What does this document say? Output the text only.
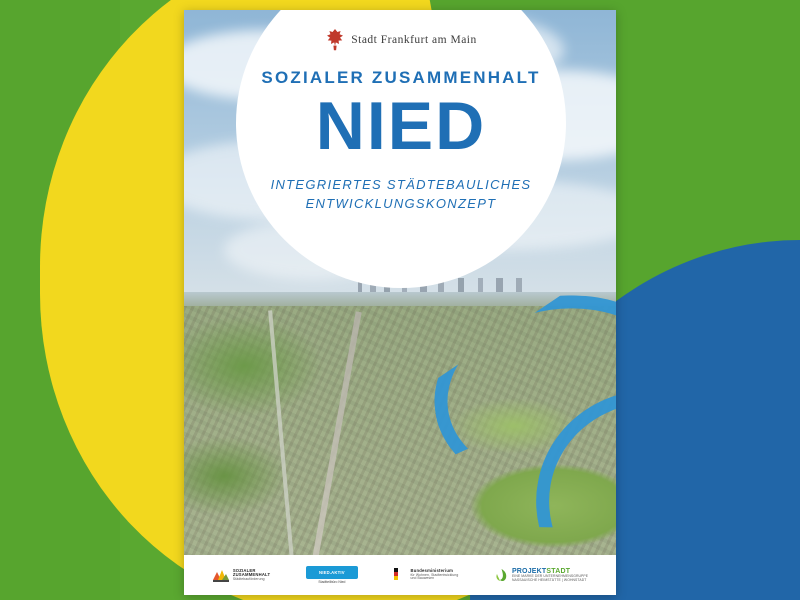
Stadt Frankfurt am Main
SOZIALER ZUSAMMENHALT
NIED
INTEGRIERTES STÄDTEBAULICHES
ENTWICKLUNGSKONZEPT
SOZIALER
ZUSAMMENHALT
Städtebauförderung
NIED.AKTIV
Stadtteilbüro Nied
Bundesministerium
für Wohnen, Stadtentwicklung
und Bauwesen
PROJEKTSTADT
EINE MARKE DER UNTERNEHMENSGRUPPE
NASSAUISCHE HEIMSTÄTTE | WOHNSTADT
